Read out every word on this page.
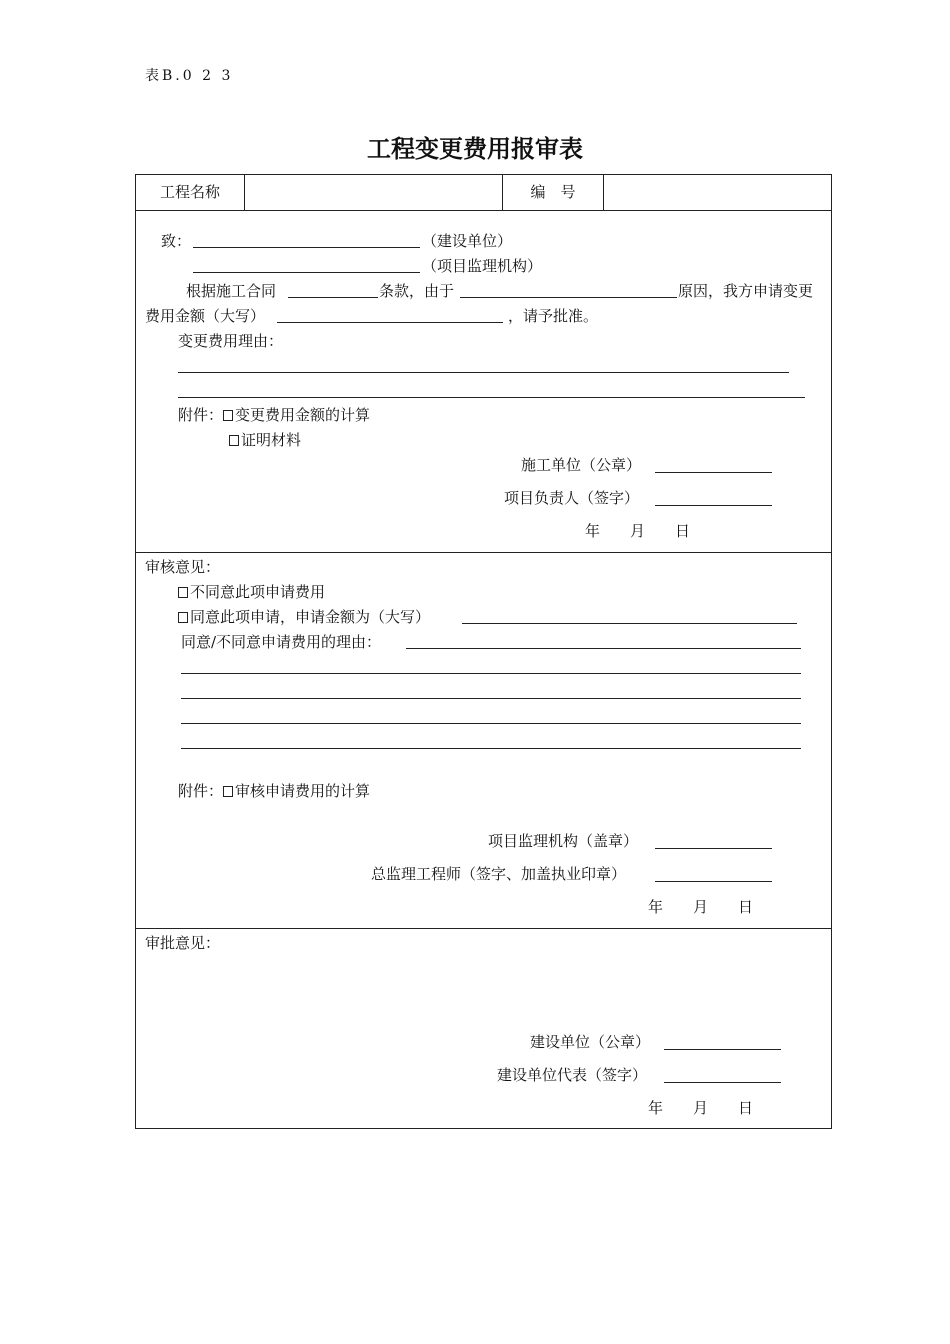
表B.0 2 3
工程变更费用报审表
工程名称	编　号
致：	（建设单位）
（项目监理机构）
根据施工合同	条款，由于	原因，我方申请变更
费用金额（大写）	，请予批准。
变更费用理由：
附件： 变更费用金额的计算
证明材料
施工单位（公章）
项目负责人（签字）
年　　月　　日
审核意见：
不同意此项申请费用
同意此项申请，申请金额为（大写）
同意/不同意申请费用的理由：
附件： 审核申请费用的计算
项目监理机构（盖章）
总监理工程师（签字、加盖执业印章）
年　　月　　日
审批意见：
建设单位（公章）
建设单位代表（签字）
年　　月　　日
